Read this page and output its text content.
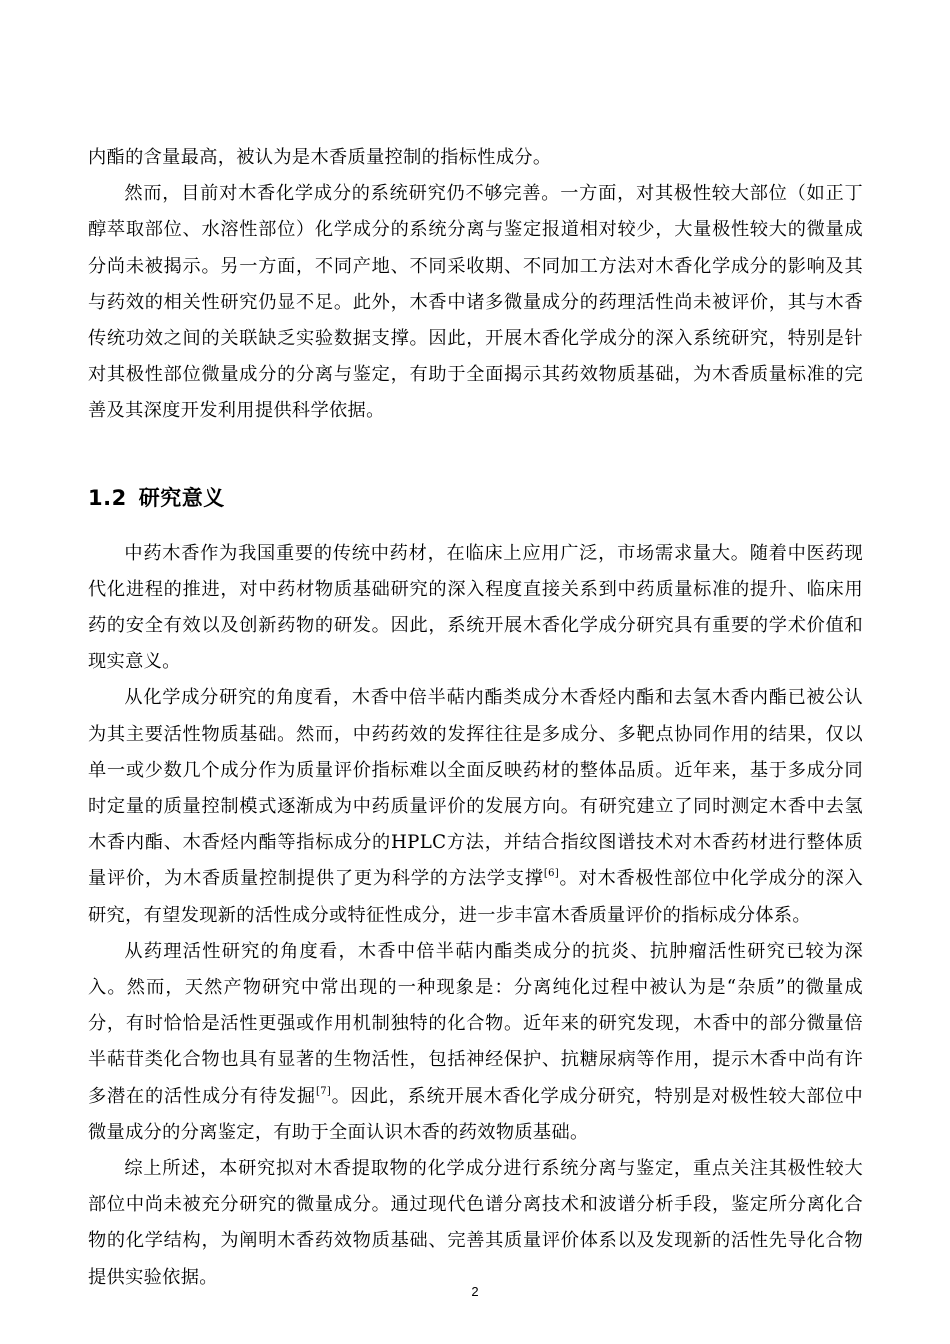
内酯的含量最高，被认为是木香质量控制的指标性成分。

然而，目前对木香化学成分的系统研究仍不够完善。一方面，对其极性较大部位（如正丁醇萃取部位、水溶性部位）化学成分的系统分离与鉴定报道相对较少，大量极性较大的微量成分尚未被揭示。另一方面，不同产地、不同采收期、不同加工方法对木香化学成分的影响及其与药效的相关性研究仍显不足。此外，木香中诸多微量成分的药理活性尚未被评价，其与木香传统功效之间的关联缺乏实验数据支撑。因此，开展木香化学成分的深入系统研究，特别是针对其极性部位微量成分的分离与鉴定，有助于全面揭示其药效物质基础，为木香质量标准的完善及其深度开发利用提供科学依据。

1.2 研究意义

中药木香作为我国重要的传统中药材，在临床上应用广泛，市场需求量大。随着中医药现代化进程的推进，对中药材物质基础研究的深入程度直接关系到中药质量标准的提升、临床用药的安全有效以及创新药物的研发。因此，系统开展木香化学成分研究具有重要的学术价值和现实意义。

从化学成分研究的角度看，木香中倍半萜内酯类成分木香烃内酯和去氢木香内酯已被公认为其主要活性物质基础。然而，中药药效的发挥往往是多成分、多靶点协同作用的结果，仅以单一或少数几个成分作为质量评价指标难以全面反映药材的整体品质。近年来，基于多成分同时定量的质量控制模式逐渐成为中药质量评价的发展方向。有研究建立了同时测定木香中去氢木香内酯、木香烃内酯等指标成分的HPLC方法，并结合指纹图谱技术对木香药材进行整体质量评价，为木香质量控制提供了更为科学的方法学支撑[6]。对木香极性部位中化学成分的深入研究，有望发现新的活性成分或特征性成分，进一步丰富木香质量评价的指标成分体系。

从药理活性研究的角度看，木香中倍半萜内酯类成分的抗炎、抗肿瘤活性研究已较为深入。然而，天然产物研究中常出现的一种现象是：分离纯化过程中被认为是“杂质”的微量成分，有时恰恰是活性更强或作用机制独特的化合物。近年来的研究发现，木香中的部分微量倍半萜苷类化合物也具有显著的生物活性，包括神经保护、抗糖尿病等作用，提示木香中尚有许多潜在的活性成分有待发掘[7]。因此，系统开展木香化学成分研究，特别是对极性较大部位中微量成分的分离鉴定，有助于全面认识木香的药效物质基础。

综上所述，本研究拟对木香提取物的化学成分进行系统分离与鉴定，重点关注其极性较大部位中尚未被充分研究的微量成分。通过现代色谱分离技术和波谱分析手段，鉴定所分离化合物的化学结构，为阐明木香药效物质基础、完善其质量评价体系以及发现新的活性先导化合物提供实验依据。

2
